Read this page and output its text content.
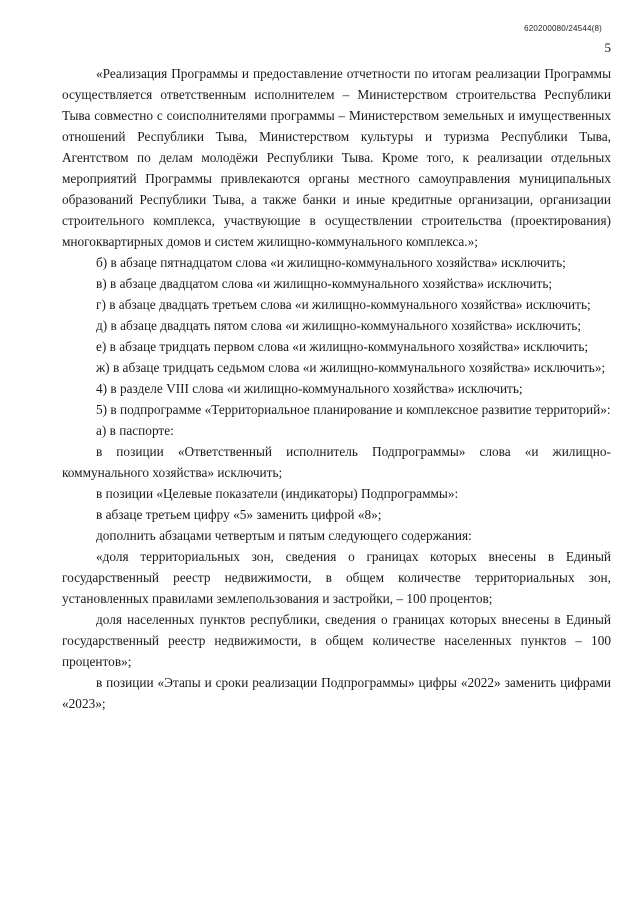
620200080/24544(8)
5

«Реализация Программы и предоставление отчетности по итогам реализации Программы осуществляется ответственным исполнителем – Министерством строительства Республики Тыва совместно с соисполнителями программы – Министерством земельных и имущественных отношений Республики Тыва, Министерством культуры и туризма Республики Тыва, Агентством по делам молодёжи Республики Тыва. Кроме того, к реализации отдельных мероприятий Программы привлекаются органы местного самоуправления муниципальных образований Республики Тыва, а также банки и иные кредитные организации, организации строительного комплекса, участвующие в осуществлении строительства (проектирования) многоквартирных домов и систем жилищно-коммунального комплекса.»;

б) в абзаце пятнадцатом слова «и жилищно-коммунального хозяйства» исключить;

в) в абзаце двадцатом слова «и жилищно-коммунального хозяйства» исключить;

г) в абзаце двадцать третьем слова «и жилищно-коммунального хозяйства» исключить;

д) в абзаце двадцать пятом слова «и жилищно-коммунального хозяйства» исключить;

е) в абзаце тридцать первом слова «и жилищно-коммунального хозяйства» исключить;

ж) в абзаце тридцать седьмом слова «и жилищно-коммунального хозяйства» исключить»;

4) в разделе VIII слова «и жилищно-коммунального хозяйства» исключить;

5) в подпрограмме «Территориальное планирование и комплексное развитие территорий»:

а) в паспорте:

в позиции «Ответственный исполнитель Подпрограммы» слова «и жилищно-коммунального хозяйства» исключить;

в позиции «Целевые показатели (индикаторы) Подпрограммы»:

в абзаце третьем цифру «5» заменить цифрой «8»;

дополнить абзацами четвертым и пятым следующего содержания:

«доля территориальных зон, сведения о границах которых внесены в Единый государственный реестр недвижимости, в общем количестве территориальных зон, установленных правилами землепользования и застройки, – 100 процентов;

доля населенных пунктов республики, сведения о границах которых внесены в Единый государственный реестр недвижимости, в общем количестве населенных пунктов – 100 процентов»;

в позиции «Этапы и сроки реализации Подпрограммы» цифры «2022» заменить цифрами «2023»;
